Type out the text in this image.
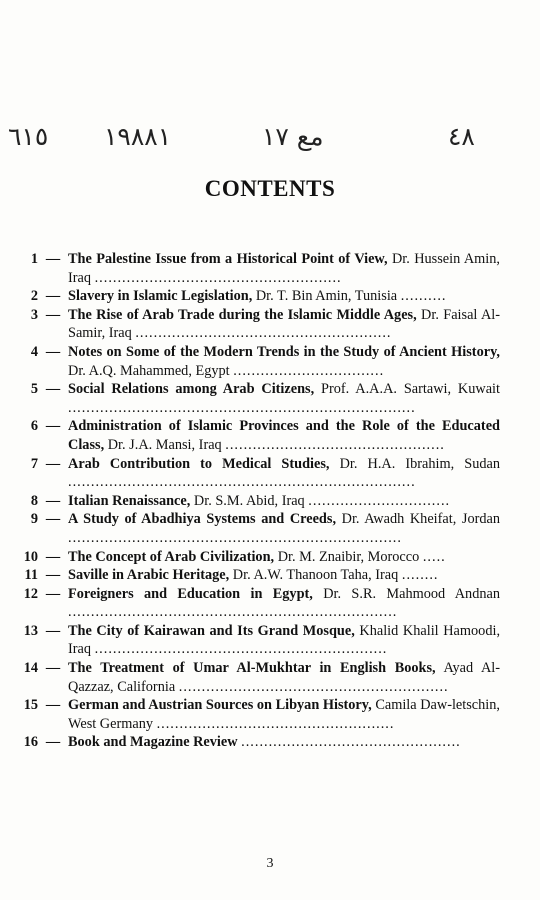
٦١٥ ١٩٨٨١	مع ١٧	٤٨
CONTENTS
1 — The Palestine Issue from a Historical Point of View, Dr. Hussein Amin, Iraq ......................................................
2 — Slavery in Islamic Legislation, Dr. T. Bin Amin, Tunisia ..........
3 — The Rise of Arab Trade during the Islamic Middle Ages, Dr. Faisal Al-Samir, Iraq ........................................................
4 — Notes on Some of the Modern Trends in the Study of Ancient History, Dr. A.Q. Mahammed, Egypt .................................
5 — Social Relations among Arab Citizens, Prof. A.A.A. Sartawi, Kuwait ............................................................................
6 — Administration of Islamic Provinces and the Role of the Educated Class, Dr. J.A. Mansi, Iraq ................................................
7 — Arab Contribution to Medical Studies, Dr. H.A. Ibrahim, Sudan ............................................................................
8 — Italian Renaissance, Dr. S.M. Abid, Iraq ...............................
9 — A Study of Abadhiya Systems and Creeds, Dr. Awadh Kheifat, Jordan .........................................................................
10 — The Concept of Arab Civilization, Dr. M. Znaibir, Morocco .....
11 — Saville in Arabic Heritage, Dr. A.W. Thanoon Taha, Iraq ........
12 — Foreigners and Education in Egypt, Dr. S.R. Mahmood Andnan ........................................................................
13 — The City of Kairawan and Its Grand Mosque, Khalid Khalil Hamoodi, Iraq ................................................................
14 — The Treatment of Umar Al-Mukhtar in English Books, Ayad Al-Qazzaz, California ...........................................................
15 — German and Austrian Sources on Libyan History, Camila Daw-letschin, West Germany ....................................................
16 — Book and Magazine Review ................................................
3
